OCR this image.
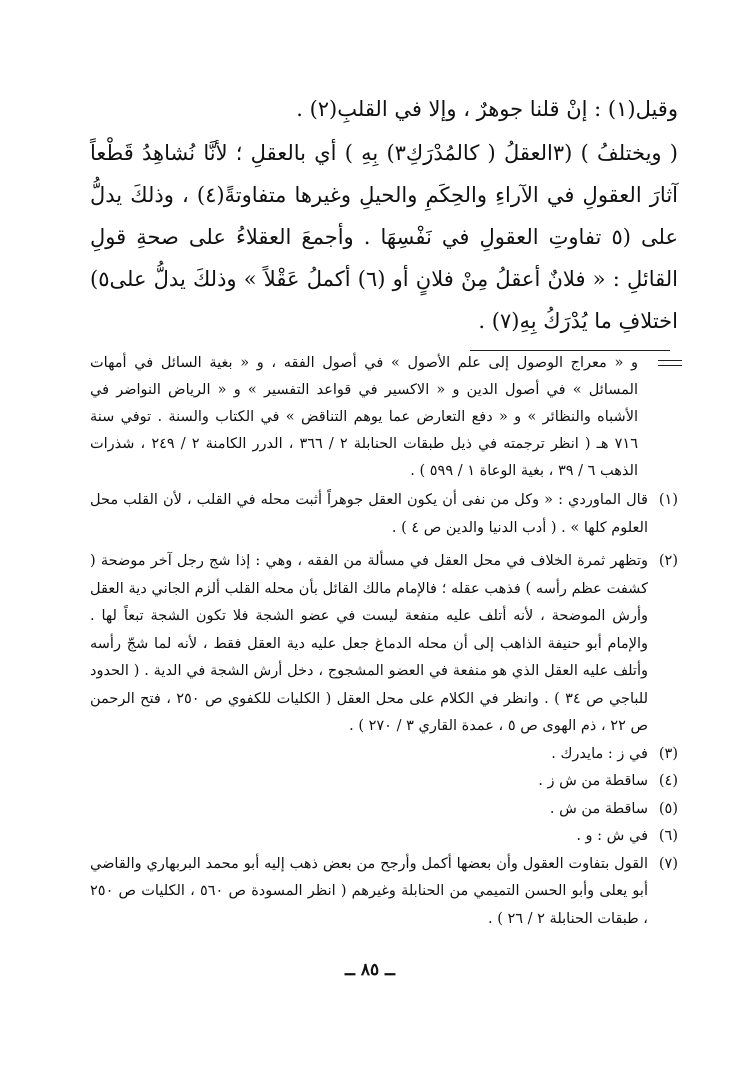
وقيل(١) : إنْ قلنا جوهرٌ ، وإلا في القلبِ(٢) .

( ويختلفُ ) (٣العقلُ ( كالمُدْرَكِ٣) بِهِ ) أي بالعقلِ ؛ لأنَّا نُشاهِدُ قَطْعاً آثارَ العقولِ في الآراءِ والحِكَمِ والحيلِ وغيرها متفاوتةً(٤) ، وذلكَ يدلُّ على (٥ تفاوتِ العقولِ في نَفْسِهَا . وأجمعَ العقلاءُ على صحةِ قولِ القائلِ : « فلانٌ أعقلُ مِنْ فلانٍ أو (٦) أكملُ عَقْلاً » وذلكَ يدلُّ على٥) اختلافِ ما يُدْرَكُ بِهِ(٧) .

و « معراج الوصول إلى علم الأصول » في أصول الفقه ، و « بغية السائل في أمهات المسائل » في أصول الدين و « الاكسير في قواعد التفسير » و « الرياض النواضر في الأشباه والنظائر » و « دفع التعارض عما يوهم التناقض » في الكتاب والسنة . توفي سنة ٧١٦ هـ ( انظر ترجمته في ذيل طبقات الحنابلة ٢ / ٣٦٦ ، الدرر الكامنة ٢ / ٢٤٩ ، شذرات الذهب ٦ / ٣٩ ، بغية الوعاة ١ / ٥٩٩ ) .

(١)
قال الماوردي : « وكل من نفى أن يكون العقل جوهراً أثبت محله في القلب ، لأن القلب محل العلوم كلها » . ( أدب الدنيا والدين ص ٤ ) .
(٢)
وتظهر ثمرة الخلاف في محل العقل في مسألة من الفقه ، وهي : إذا شج رجل آخر موضحة ( كشفت عظم رأسه ) فذهب عقله ؛ فالإمام مالك القائل بأن محله القلب ألزم الجاني دية العقل وأرش الموضحة ، لأنه أتلف عليه منفعة ليست في عضو الشجة فلا تكون الشجة تبعاً لها . والإمام أبو حنيفة الذاهب إلى أن محله الدماغ جعل عليه دية العقل فقط ، لأنه لما شجّ رأسه وأتلف عليه العقل الذي هو منفعة في العضو المشجوج ، دخل أرش الشجة في الدية . ( الحدود للباجي ص ٣٤ ) . وانظر في الكلام على محل العقل ( الكليات للكفوي ص ٢٥٠ ، فتح الرحمن ص ٢٢ ، ذم الهوى ص ٥ ، عمدة القاري ٣ / ٢٧٠ ) .
(٣)
في ز : مايدرك .
(٤)
ساقطة من ش ز .
(٥)
ساقطة من ش .
(٦)
في ش : و .
(٧)
القول بتفاوت العقول وأن بعضها أكمل وأرجح من بعض ذهب إليه أبو محمد البربهاري والقاضي أبو يعلى وأبو الحسن التميمي من الحنابلة وغيرهم ( انظر المسودة ص ٥٦٠ ، الكليات ص ٢٥٠ ، طبقات الحنابلة ٢ / ٢٦ ) .
ــ ٨٥ ــ
